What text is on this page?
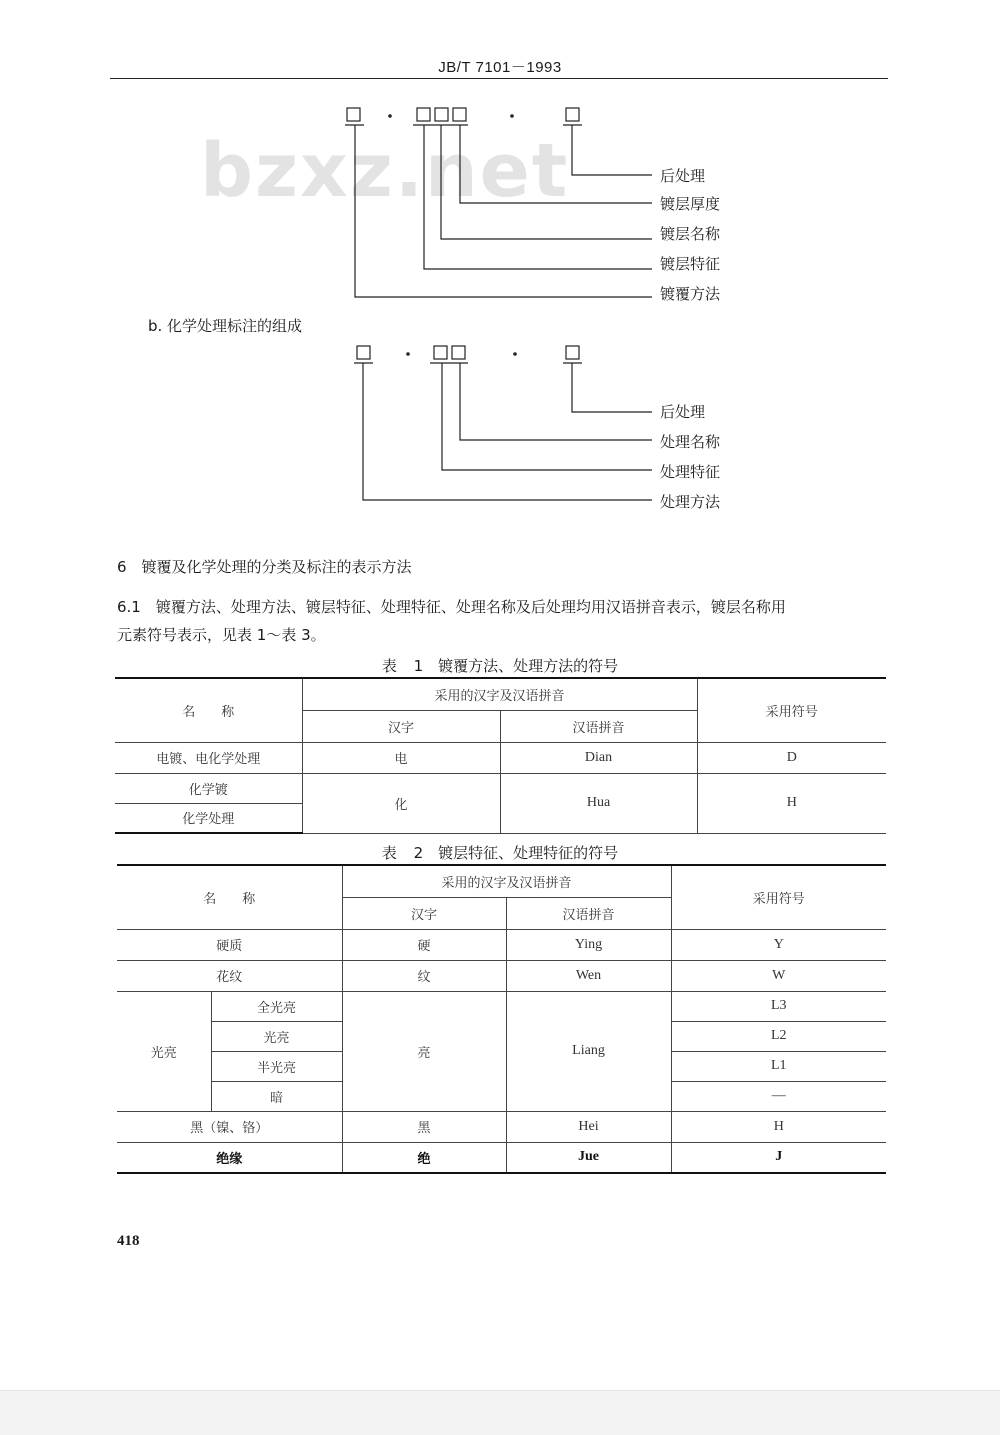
JB/T 7101－1993
bzxz.net	后处理
镀层厚度
镀层名称
镀层特征
镀覆方法
b. 化学处理标注的组成
后处理
处理名称
处理特征
处理方法
6　镀覆及化学处理的分类及标注的表示方法
6.1　镀覆方法、处理方法、镀层特征、处理特征、处理名称及后处理均用汉语拼音表示，镀层名称用
元素符号表示，见表 1～表 3。
表 1　镀覆方法、处理方法的符号
名　　称	采用的汉字及汉语拼音		采用符号
	汉字	汉语拼音	
电镀、电化学处理	电	Dian	D
化学镀	化	Hua	H
化学处理			
表 2　镀层特征、处理特征的符号
名　　称		采用的汉字及汉语拼音		采用符号
		汉字	汉语拼音	
硬质		硬	Ying	Y
花纹		纹	Wen	W
光亮	全光亮	亮	Liang	L3
	光亮			L2
	半光亮			L1
	暗			—
黑（镍、铬）		黑	Hei	H
绝缘		绝	Jue	J
418
